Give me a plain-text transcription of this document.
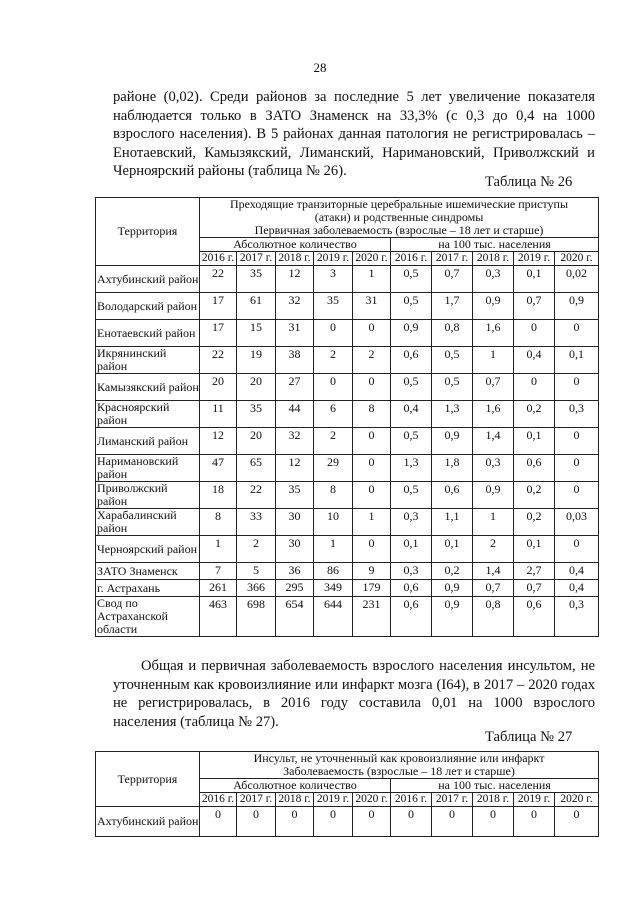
28

районе (0,02). Среди районов за последние 5 лет увеличение показателя наблюдается только в ЗАТО Знаменск на 33,3% (с 0,3 до 0,4 на 1000 взрослого населения). В 5 районах данная патология не регистрировалась – Енотаевский, Камызякский, Лиманский, Наримановский, Приволжский и Черноярский районы (таблица № 26).

Таблица № 26
Территория	Преходящие транзиторные церебральные ишемические приступы (атаки) и родственные синдромы
Первичная заболеваемость (взрослые – 18 лет и старше)									

	Абсолютное количество					на 100 тыс. населения				
	2016 г.	2017 г.	2018 г.	2019 г.	2020 г.	2016 г.	2017 г.	2018 г.	2019 г.	2020 г.
Ахтубинский район	22	35	12	3	1	0,5	0,7	0,3	0,1	0,02
Володарский район	17	61	32	35	31	0,5	1,7	0,9	0,7	0,9
Енотаевский район	17	15	31	0	0	0,9	0,8	1,6	0	0
Икрянинский район	22	19	38	2	2	0,6	0,5	1	0,4	0,1
Камызякский район	20	20	27	0	0	0,5	0,5	0,7	0	0
Красноярский район	11	35	44	6	8	0,4	1,3	1,6	0,2	0,3
Лиманский район	12	20	32	2	0	0,5	0,9	1,4	0,1	0
Наримановский район	47	65	12	29	0	1,3	1,8	0,3	0,6	0
Приволжский район	18	22	35	8	0	0,5	0,6	0,9	0,2	0
Харабалинский район	8	33	30	10	1	0,3	1,1	1	0,2	0,03
Черноярский район	1	2	30	1	0	0,1	0,1	2	0,1	0
ЗАТО Знаменск	7	5	36	86	9	0,3	0,2	1,4	2,7	0,4
г. Астрахань	261	366	295	349	179	0,6	0,9	0,7	0,7	0,4
Свод по Астраханской области	463	698	654	644	231	0,6	0,9	0,8	0,6	0,3

Общая и первичная заболеваемость взрослого населения инсультом, не уточненным как кровоизлияние или инфаркт мозга (I64), в 2017 – 2020 годах не регистрировалась, в 2016 году составила 0,01 на 1000 взрослого населения (таблица № 27).

Таблица № 27
Территория	Инсульт, не уточненный как кровоизлияние или инфаркт
Заболеваемость (взрослые – 18 лет и старше)									

	Абсолютное количество					на 100 тыс. населения				
	2016 г.	2017 г.	2018 г.	2019 г.	2020 г.	2016 г.	2017 г.	2018 г.	2019 г.	2020 г.
Ахтубинский район	0	0	0	0	0	0	0	0	0	0
